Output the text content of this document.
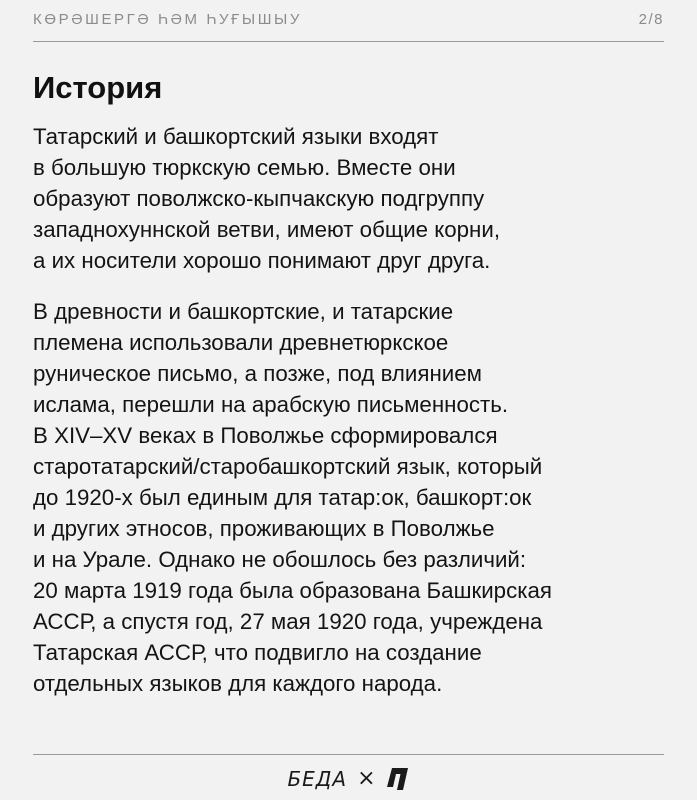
КӨРӘШЕРГӘ ҺӘМ ҺУҒЫШЫУ	2/8
История

Татарский и башкортский языки входят
в большую тюркскую семью. Вместе они
образуют поволжско-кыпчакскую подгруппу
западнохуннской ветви, имеют общие корни,
а их носители хорошо понимают друг друга.

В древности и башкортские, и татарские
племена использовали древнетюркское
руническое письмо, а позже, под влиянием
ислама, перешли на арабскую письменность.
В XIV–XV веках в Поволжье сформировался
старотатарский/старобашкортский язык, который
до 1920-х был единым для татар:ок, башкорт:ок
и других этносов, проживающих в Поволжье
и на Урале. Однако не обошлось без различий:
20 марта 1919 года была образована Башкирская
АССР, а спустя год, 27 мая 1920 года, учреждена
Татарская АССР, что подвигло на создание
отдельных языков для каждого народа.

БЕДА ×
